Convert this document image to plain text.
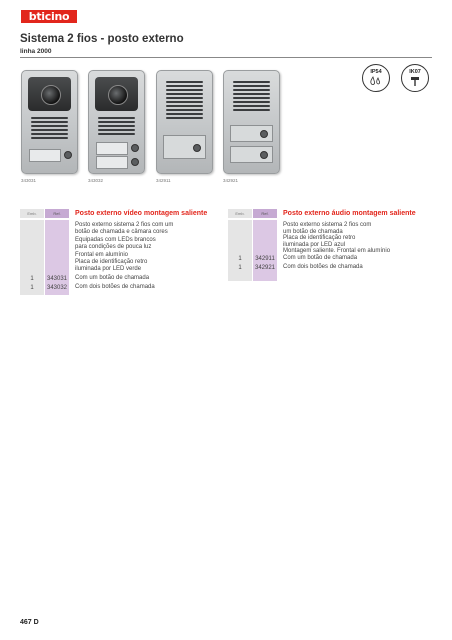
bticino
Sistema 2 fios - posto externo
linha 2000
IP54	IK07
343031	343032	342911	342921
Emb.	Ref.	Posto externo vídeo montagem saliente
Posto externo sistema 2 fios com um
botão de chamada e câmara cores
Equipadas com LEDs brancos
para condições de pouca luz
Frontal em alumínio
Placa de identificação retro
iluminada por LED verde
1	343031	Com um botão de chamada
1	343032	Com dois botões de chamada
Emb.	Ref.	Posto externo áudio montagem saliente
Posto externo sistema 2 fios com
um botão de chamada
Placa de identificação retro
iluminada por LED azul
Montagem saliente. Frontal em alumínio
1	342911	Com um botão de chamada
1	342921	Com dois botões de chamada
467 D
